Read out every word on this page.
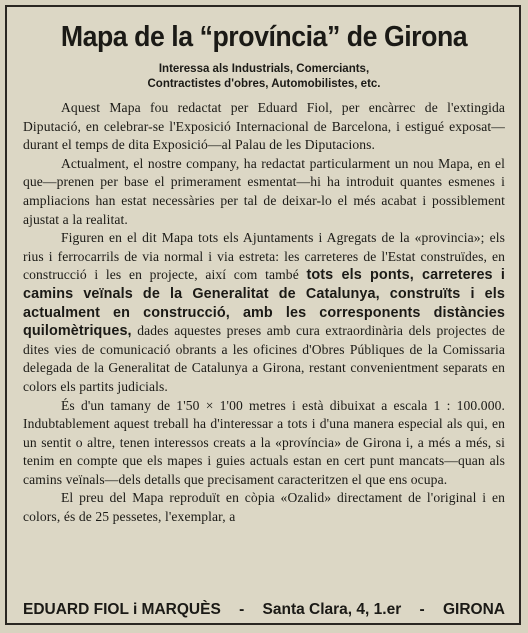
Mapa de la “província” de Girona
Interessa als Industrials, Comerciants,
Contractistes d'obres, Automobilistes, etc.

Aquest Mapa fou redactat per Eduard Fiol, per encàrrec de l'extingida Diputació, en celebrar-se l'Exposició Internacional de Barcelona, i estigué exposat—durant el temps de dita Exposició—al Palau de les Diputacions.

Actualment, el nostre company, ha redactat particularment un nou Mapa, en el que—prenen per base el primerament esmentat—hi ha introduit quantes esmenes i ampliacions han estat necessàries per tal de deixar-lo el més acabat i possiblement ajustat a la realitat.

Figuren en el dit Mapa tots els Ajuntaments i Agregats de la «provincia»; els rius i ferrocarrils de via normal i via estreta: les carreteres de l'Estat construïdes, en construcció i les en projecte, així com també tots els ponts, carreteres i camins veïnals de la Generalitat de Catalunya, construïts i els actualment en construcció, amb les corresponents distàncies quilomètriques, dades aquestes preses amb cura extraordinària dels projectes de dites vies de comunicació obrants a les oficines d'Obres Públiques de la Comissaria delegada de la Generalitat de Catalunya a Girona, restant convenientment separats en colors els partits judicials.

És d'un tamany de 1'50 × 1'00 metres i està dibuixat a escala 1 : 100.000. Indubtablement aquest treball ha d'interessar a tots i d'una manera especial als qui, en un sentit o altre, tenen interessos creats a la «província» de Girona i, a més a més, si tenim en compte que els mapes i guies actuals estan en cert punt mancats—quan als camins veïnals—dels detalls que precisament caracteritzen el que ens ocupa.

El preu del Mapa reproduït en còpia «Ozalid» directament de l'original i en colors, és de 25 pessetes, l'exemplar, a

EDUARD FIOL i MARQUÈS - Santa Clara, 4, 1.er - GIRONA
